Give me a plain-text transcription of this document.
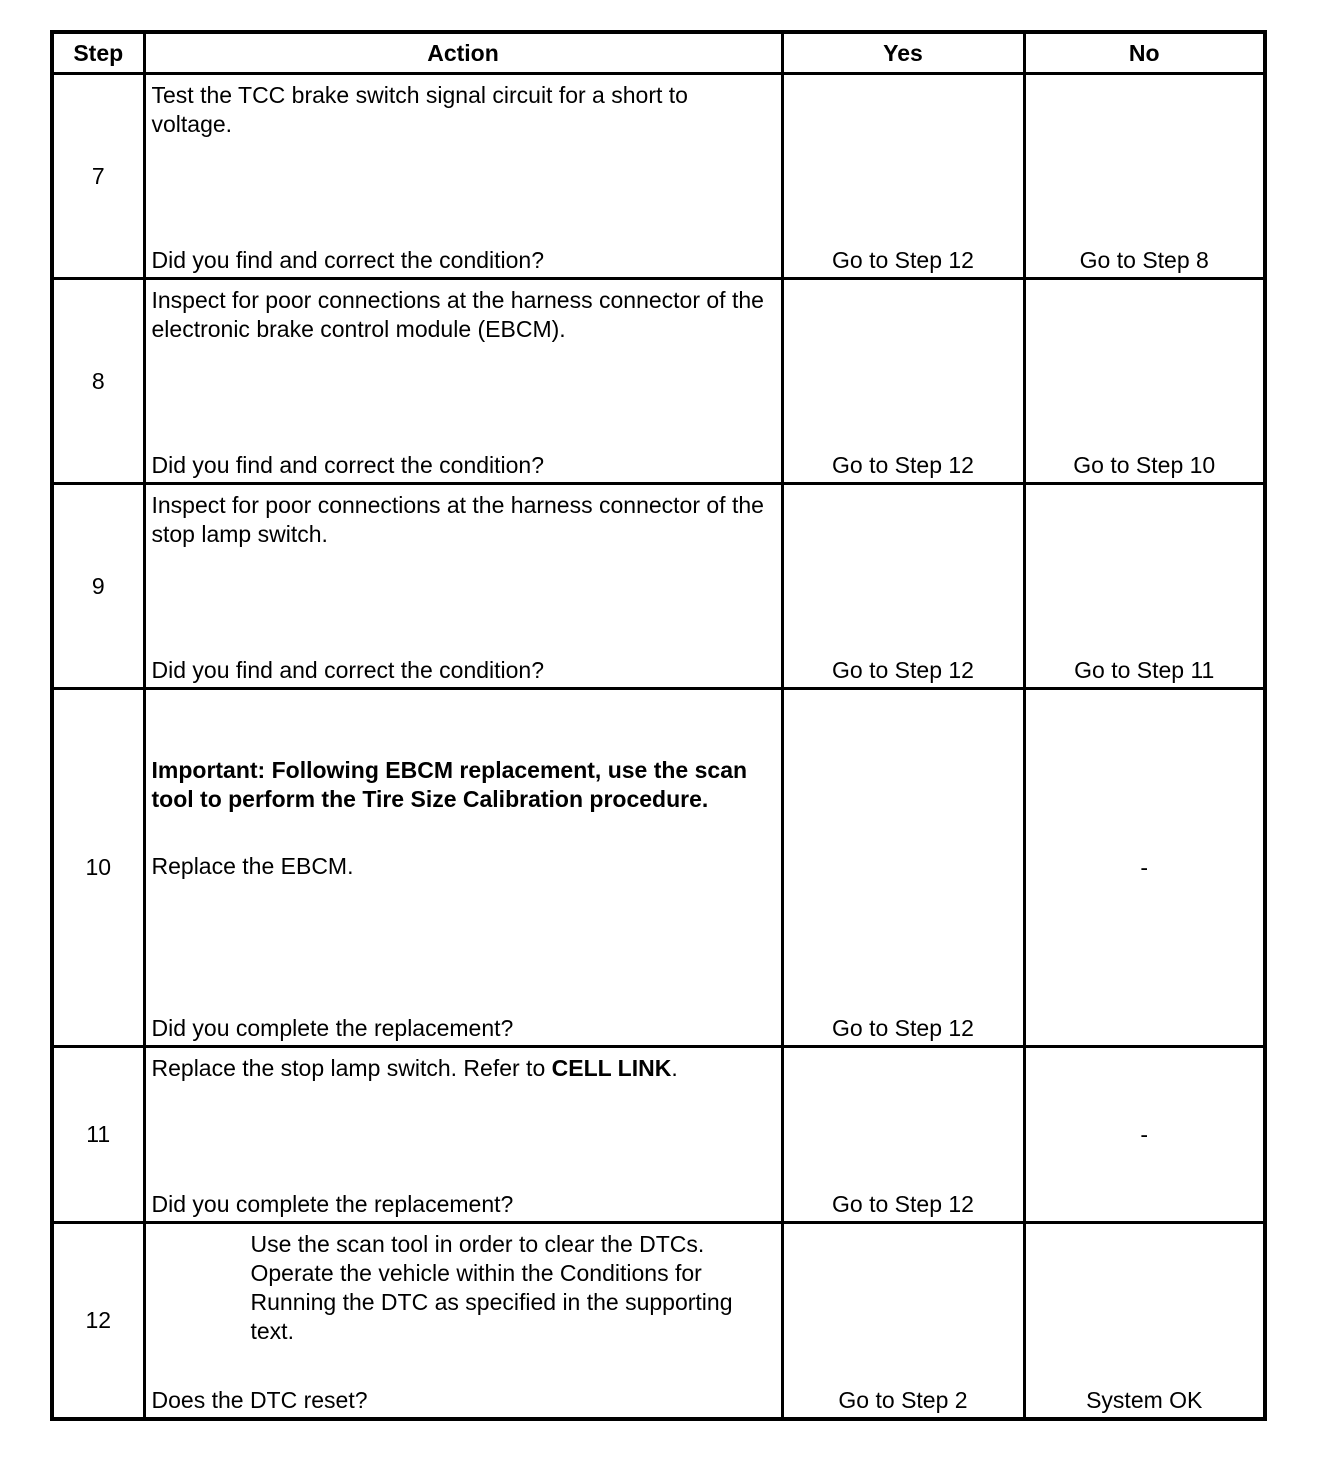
Step	Action	Yes	No
7	Test the TCC brake switch signal circuit for a short to voltage.
Did you find and correct the condition?	Go to Step 12	Go to Step 8

8	Inspect for poor connections at the harness connector of the electronic brake control module (EBCM).
Did you find and correct the condition?	Go to Step 12	Go to Step 10

9	Inspect for poor connections at the harness connector of the stop lamp switch.
Did you find and correct the condition?	Go to Step 12	Go to Step 11

10	Important: Following EBCM replacement, use the scan tool to perform the Tire Size Calibration procedure.
Replace the EBCM.
Did you complete the replacement?	Go to Step 12	-

11	Replace the stop lamp switch. Refer to CELL LINK.
Did you complete the replacement?	Go to Step 12	-

12	Use the scan tool in order to clear the DTCs.
Operate the vehicle within the Conditions for Running the DTC as specified in the supporting text.
Does the DTC reset?	Go to Step 2	System OK
